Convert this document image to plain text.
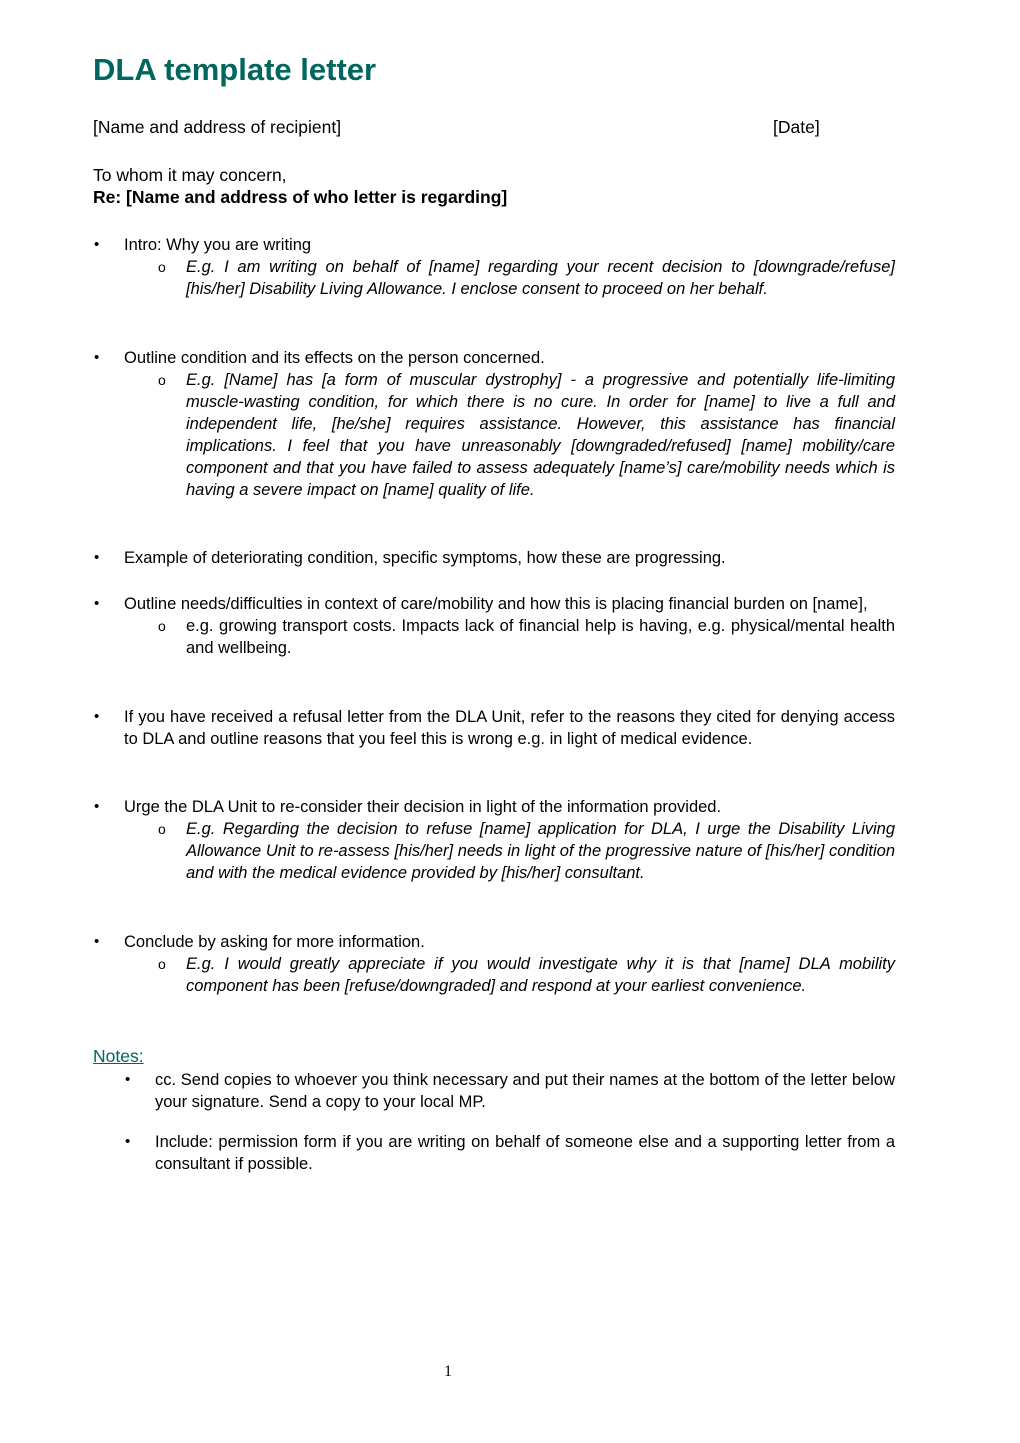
DLA template letter
[Name and address of recipient]	[Date]
To whom it may concern,
Re: [Name and address of who letter is regarding]
•	Intro: Why you are writing
o	E.g. I am writing on behalf of [name] regarding your recent decision to [downgrade/refuse] [his/her] Disability Living Allowance. I enclose consent to proceed on her behalf.
•	Outline condition and its effects on the person concerned.
o	E.g. [Name] has [a form of muscular dystrophy] - a progressive and potentially life-limiting muscle-wasting condition, for which there is no cure. In order for [name] to live a full and independent life, [he/she] requires assistance. However, this assistance has financial implications. I feel that you have unreasonably [downgraded/refused] [name] mobility/care component and that you have failed to assess adequately [name’s] care/mobility needs which is having a severe impact on [name] quality of life.
•	Example of deteriorating condition, specific symptoms, how these are progressing.
•	Outline needs/difficulties in context of care/mobility and how this is placing financial burden on [name],
o	e.g. growing transport costs. Impacts lack of financial help is having, e.g. physical/mental health and wellbeing.
•	If you have received a refusal letter from the DLA Unit, refer to the reasons they cited for denying access to DLA and outline reasons that you feel this is wrong e.g. in light of medical evidence.
•	Urge the DLA Unit to re-consider their decision in light of the information provided.
o	E.g. Regarding the decision to refuse [name] application for DLA, I urge the Disability Living Allowance Unit to re-assess [his/her] needs in light of the progressive nature of [his/her] condition and with the medical evidence provided by [his/her] consultant.
•	Conclude by asking for more information.
o	E.g. I would greatly appreciate if you would investigate why it is that [name] DLA mobility component has been [refuse/downgraded] and respond at your earliest convenience.
Notes:
•	cc. Send copies to whoever you think necessary and put their names at the bottom of the letter below your signature. Send a copy to your local MP.
•	Include: permission form if you are writing on behalf of someone else and a supporting letter from a consultant if possible.
1
